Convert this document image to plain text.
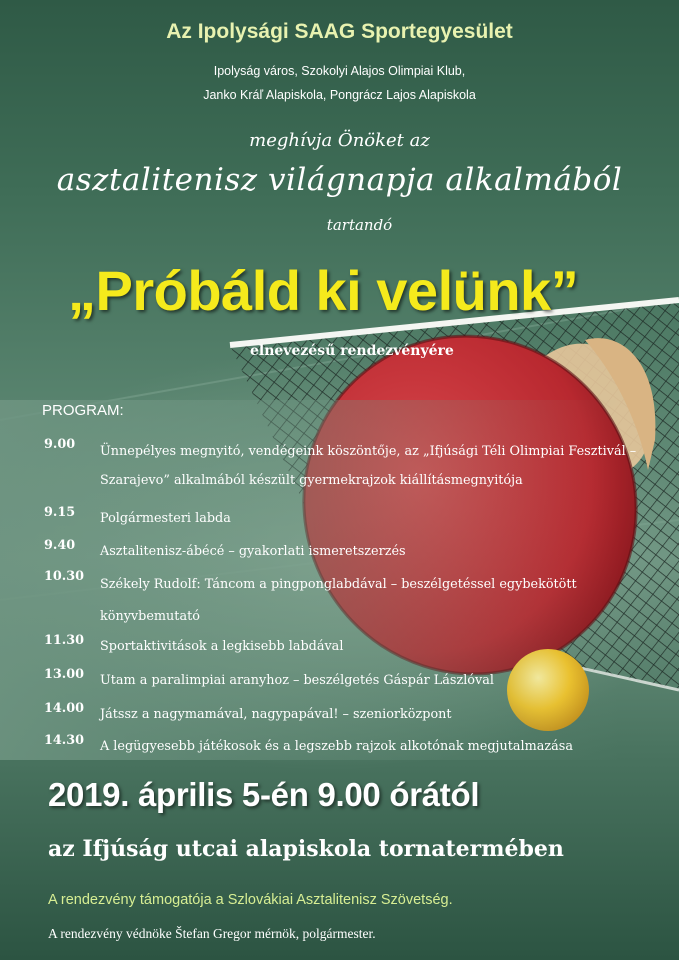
Az Ipolysági SAAG Sportegyesület
Ipolyság város, Szokolyi Alajos Olimpiai Klub,
Janko Kráľ Alapiskola, Pongrácz Lajos Alapiskola
meghívja Önöket az
asztalitenisz világnapja alkalmából
tartandó
„Próbáld ki velünk”
elnevezésű rendezvényére
PROGRAM:
9.00 Ünnepélyes megnyitó, vendégeink köszöntője, az „Ifjúsági Téli Olimpiai Fesztivál – Szarajevo” alkalmából készült gyermekrajzok kiállításmegnyitója
9.15 Polgármesteri labda
9.40 Asztalitenisz-ábécé – gyakorlati ismeretszerzés
10.30
Székely Rudolf: Táncom a pingponglabdával – beszélgetéssel egybekötött könyvbemutató
11.30 Sportaktivitások a legkisebb labdával
13.00 Utam a paralimpiai aranyhoz – beszélgetés Gáspár Lászlóval
14.00 Játssz a nagymamával, nagypapával! – szeniorközpont
14.30 A legügyesebb játékosok és a legszebb rajzok alkotónak megjutalmazása
2019. április 5-én 9.00 órától
az Ifjúság utcai alapiskola tornatermében
A rendezvény támogatója a Szlovákiai Asztalitenisz Szövetség.
A rendezvény védnöke Štefan Gregor mérnök, polgármester.
